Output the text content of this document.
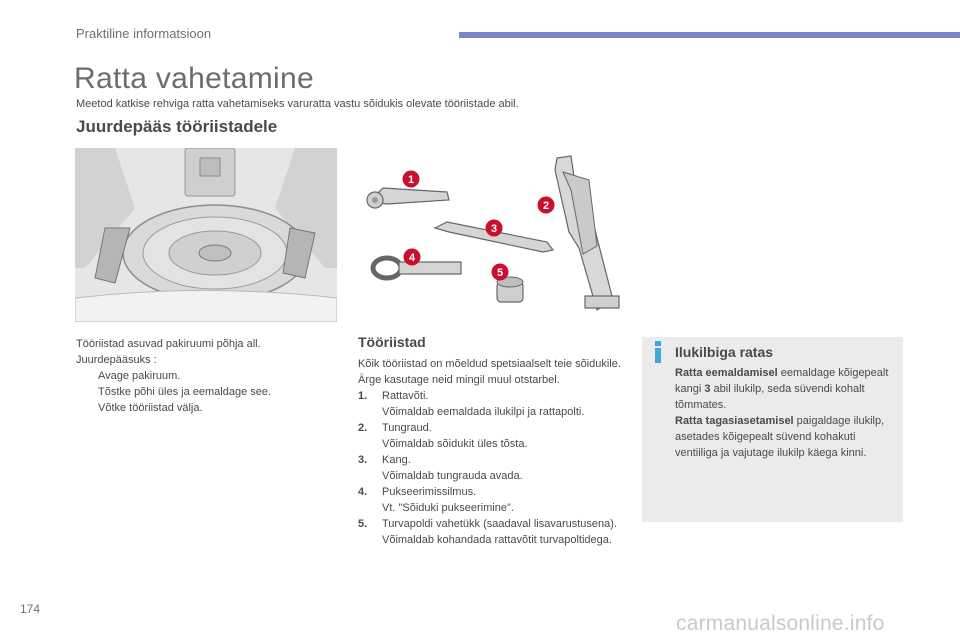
Praktiline informatsioon
Ratta vahetamine
Meetod katkise rehviga ratta vahetamiseks varuratta vastu sõidukis olevate tööriistade abil.
Juurdepääs tööriistadele
1
2
3
4
5
Tööriistad asuvad pakiruumi põhja all.
Juurdepääsuks :
Avage pakiruum.
Tõstke põhi üles ja eemaldage see.
Võtke tööriistad välja.
Tööriistad
Kõik tööriistad on mõeldud spetsiaalselt teie sõidukile. Ärge kasutage neid mingil muul otstarbel.
1.	Rattavõti.
Võimaldab eemaldada ilukilpi ja rattapolti.
2.	Tungraud.
Võimaldab sõidukit üles tõsta.
3.	Kang.
Võimaldab tungrauda avada.
4.	Pukseerimissilmus.
Vt. "Sõiduki pukseerimine".
5.	Turvapoldi vahetükk (saadaval lisavarustusena).
Võimaldab kohandada rattavõtit turvapoltidega.
Ilukilbiga ratas
Ratta eemaldamisel eemaldage kõigepealt kangi 3 abil ilukilp, seda süvendi kohalt tõmmates.
Ratta tagasiasetamisel paigaldage ilukilp, asetades kõigepealt süvend kohakuti ventiiliga ja vajutage ilukilp käega kinni.
174
carmanualsonline.info
